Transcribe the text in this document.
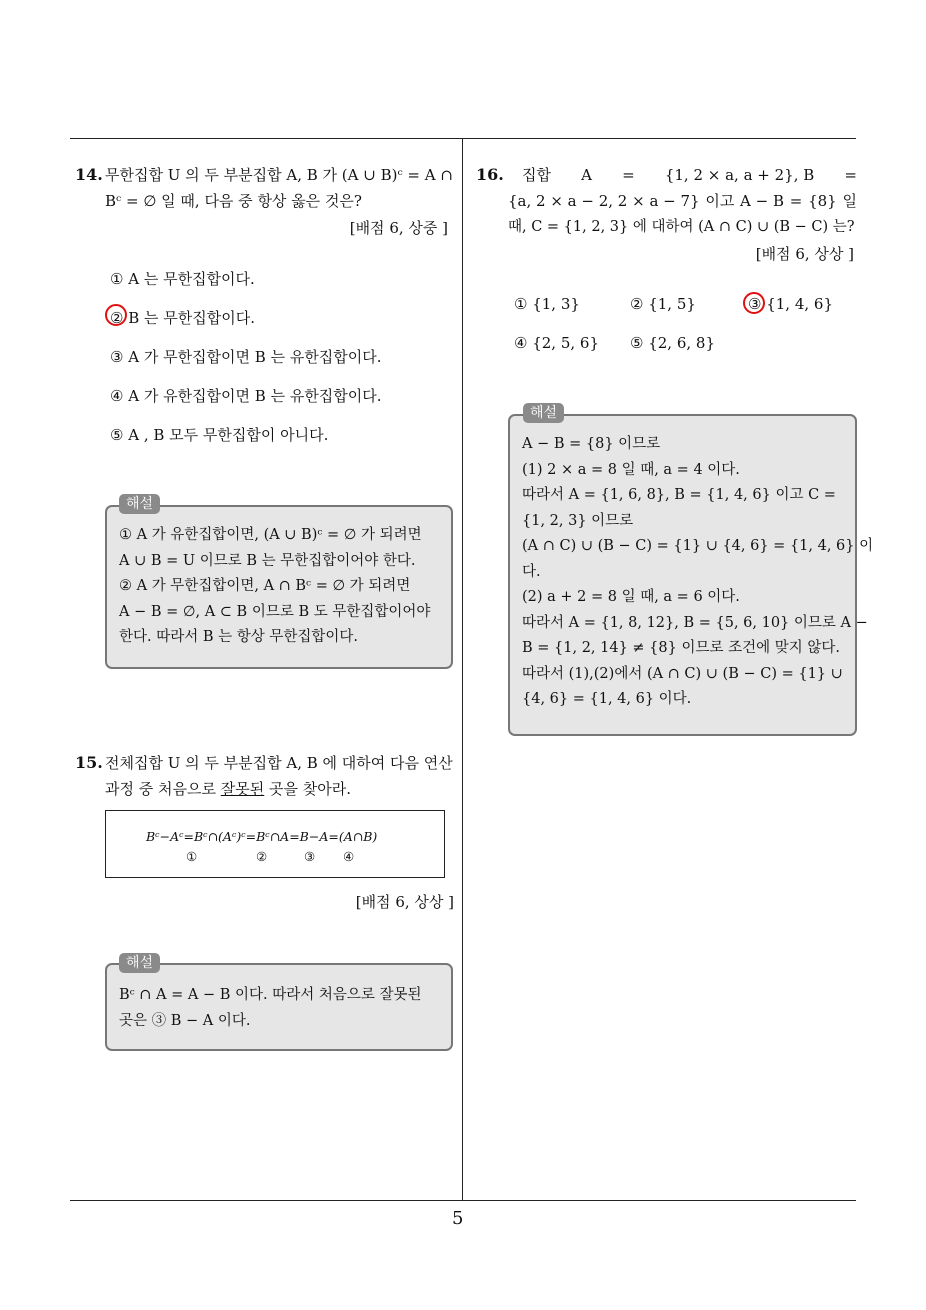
14. 무한집합 U 의 두 부분집합 A, B 가 (A ∪ B)ᶜ = A ∩
Bᶜ = ∅ 일 때, 다음 중 항상 옳은 것은?
[배점 6, 상중 ]
① A 는 무한집합이다.
② B 는 무한집합이다.
③ A 가 무한집합이면 B 는 유한집합이다.
④ A 가 유한집합이면 B 는 유한집합이다.
⑤ A , B 모두 무한집합이 아니다.
① A 가 유한집합이면, (A ∪ B)ᶜ = ∅ 가 되려면
A ∪ B = U 이므로 B 는 무한집합이어야 한다.
② A 가 무한집합이면, A ∩ Bᶜ = ∅ 가 되려면
A − B = ∅, A ⊂ B 이므로 B 도 무한집합이어야
한다. 따라서 B 는 항상 무한집합이다.
해설
15. 전체집합 U 의 두 부분집합 A, B 에 대하여 다음 연산
과정 중 처음으로 잘못된 곳을 찾아라.
Bᶜ−Aᶜ=Bᶜ∩(Aᶜ)ᶜ=Bᶜ∩A=B−A=(A∩B)
①	②	③ ④
[배점 6, 상상 ]
Bᶜ ∩ A = A − B 이다. 따라서 처음으로 잘못된
곳은 ③ B − A 이다.
해설
16. 집합 A = {1, 2 × a, a + 2}, B =
{a, 2 × a − 2, 2 × a − 7} 이고 A − B = {8} 일
때, C = {1, 2, 3} 에 대하여 (A ∩ C) ∪ (B − C) 는?
[배점 6, 상상 ]
① {1, 3}	② {1, 5}	③ {1, 4, 6}
④ {2, 5, 6} ⑤ {2, 6, 8}
A − B = {8} 이므로
(1) 2 × a = 8 일 때, a = 4 이다.
따라서 A = {1, 6, 8}, B = {1, 4, 6} 이고 C =
{1, 2, 3} 이므로
(A ∩ C) ∪ (B − C) = {1} ∪ {4, 6} = {1, 4, 6} 이
다.
(2) a + 2 = 8 일 때, a = 6 이다.
따라서 A = {1, 8, 12}, B = {5, 6, 10} 이므로 A −
B = {1, 2, 14} ≠ {8} 이므로 조건에 맞지 않다.
따라서 (1),(2)에서 (A ∩ C) ∪ (B − C) = {1} ∪
{4, 6} = {1, 4, 6} 이다.
해설
5
